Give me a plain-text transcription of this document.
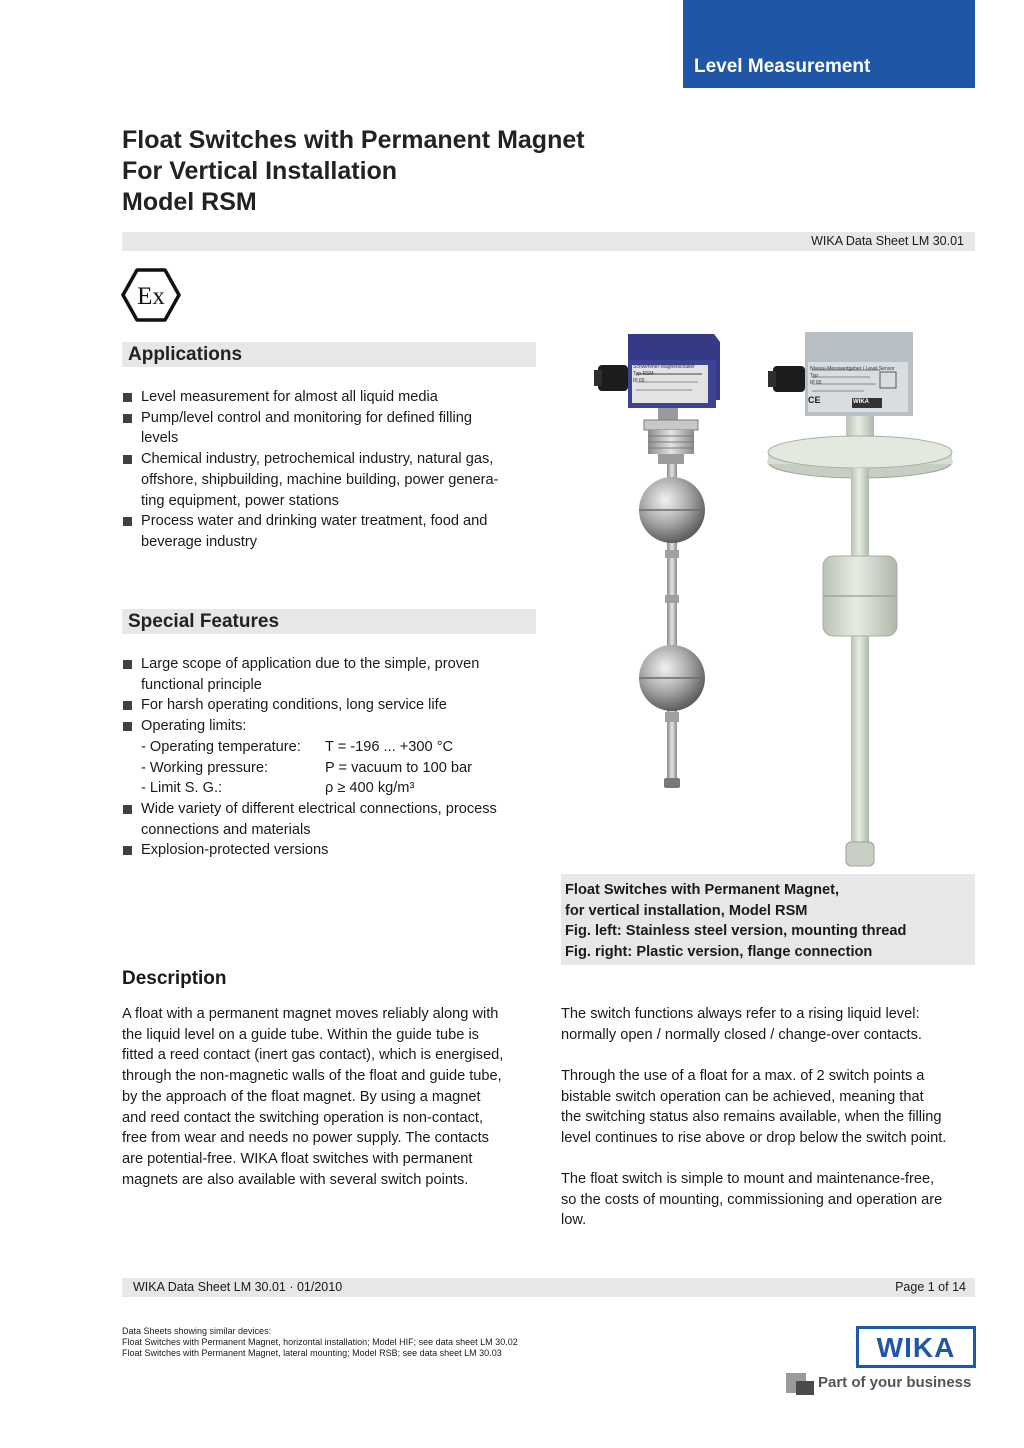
Level Measurement
Float Switches with Permanent Magnet
For Vertical Installation
Model RSM
WIKA Data Sheet LM 30.01
Ex
Applications
Level measurement for almost all liquid media
Pump/level control and monitoring for defined filling
levels
Chemical industry, petrochemical industry, natural gas,
offshore, shipbuilding, machine building, power genera-
ting equipment, power stations
Process water and drinking water treatment, food and
beverage industry
Special Features
Large scope of application due to the simple, proven
functional principle
For harsh operating conditions, long service life
Operating limits:
- Operating temperature:	T = -196 ... +300 °C
- Working pressure:	P = vacuum to 100 bar
- Limit S. G.:	ρ ≥ 400 kg/m³
Wide variety of different electrical connections, process
connections and materials
Explosion-protected versions
Schwimmer-Magnetschalter
Typ RSM
IP 65
Niveau-Messwertgeber / Level Sensor
Typ
IP 65
CE	WIKA
Float Switches with Permanent Magnet,
for vertical installation, Model RSM
Fig. left: Stainless steel version, mounting thread
Fig. right: Plastic version, flange connection
Description
A float with a permanent magnet moves reliably along with
the liquid level on a guide tube. Within the guide tube is
fitted a reed contact (inert gas contact), which is energised,
through the non-magnetic walls of the float and guide tube,
by the approach of the float magnet. By using a magnet
and reed contact the switching operation is non-contact,
free from wear and needs no power supply. The contacts
are potential-free. WIKA float switches with permanent
magnets are also available with several switch points.
The switch functions always refer to a rising liquid level:
normally open / normally closed / change-over contacts.
Through the use of a float for a max. of 2 switch points a
bistable switch operation can be achieved, meaning that
the switching status also remains available, when the filling
level continues to rise above or drop below the switch point.
The float switch is simple to mount and maintenance-free,
so the costs of mounting, commissioning and operation are
low.
WIKA Data Sheet LM 30.01 · 01/2010	Page 1 of 14
Data Sheets showing similar devices:
Float Switches with Permanent Magnet, horizontal installation; Model HIF; see data sheet LM 30.02
Float Switches with Permanent Magnet, lateral mounting; Model RSB; see data sheet LM 30.03	WIKA
Part of your business
